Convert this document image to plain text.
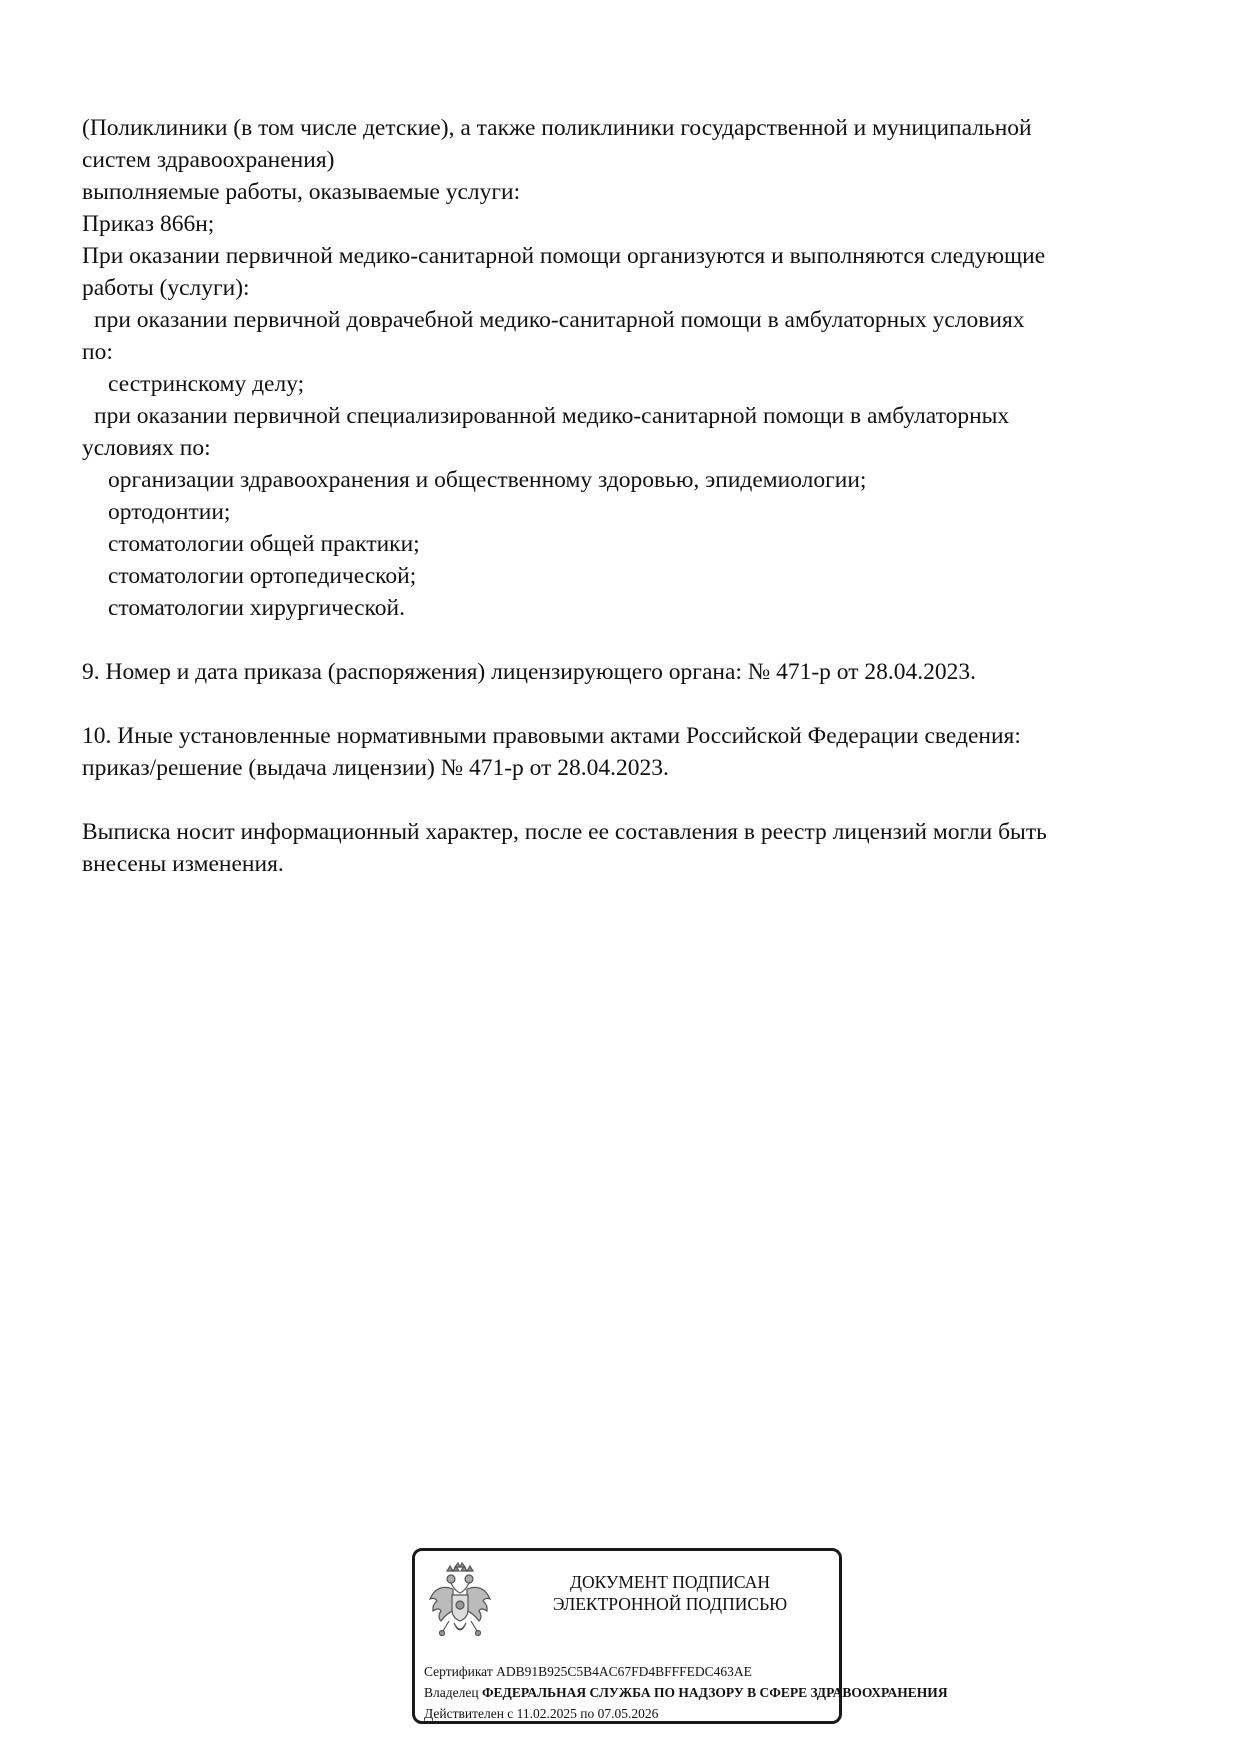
(Поликлиники (в том числе детские), а также поликлиники государственной и муниципальной
систем здравоохранения)
выполняемые работы, оказываемые услуги:
Приказ 866н;
При оказании первичной медико-санитарной помощи организуются и выполняются следующие
работы (услуги):
при оказании первичной доврачебной медико-санитарной помощи в амбулаторных условиях
по:
сестринскому делу;
при оказании первичной специализированной медико-санитарной помощи в амбулаторных
условиях по:
организации здравоохранения и общественному здоровью, эпидемиологии;
ортодонтии;
стоматологии общей практики;
стоматологии ортопедической;
стоматологии хирургической.
9. Номер и дата приказа (распоряжения) лицензирующего органа: № 471-р от 28.04.2023.
10. Иные установленные нормативными правовыми актами Российской Федерации сведения:
приказ/решение (выдача лицензии) № 471-р от 28.04.2023.
Выписка носит информационный характер, после ее составления в реестр лицензий могли быть
внесены изменения.
ДОКУМЕНТ ПОДПИСАН
ЭЛЕКТРОННОЙ ПОДПИСЬЮ
Сертификат ADB91B925C5B4AC67FD4BFFFEDC463AE
Владелец ФЕДЕРАЛЬНАЯ СЛУЖБА ПО НАДЗОРУ В СФЕРЕ ЗДРАВООХРАНЕНИЯ
Действителен с 11.02.2025 по 07.05.2026
